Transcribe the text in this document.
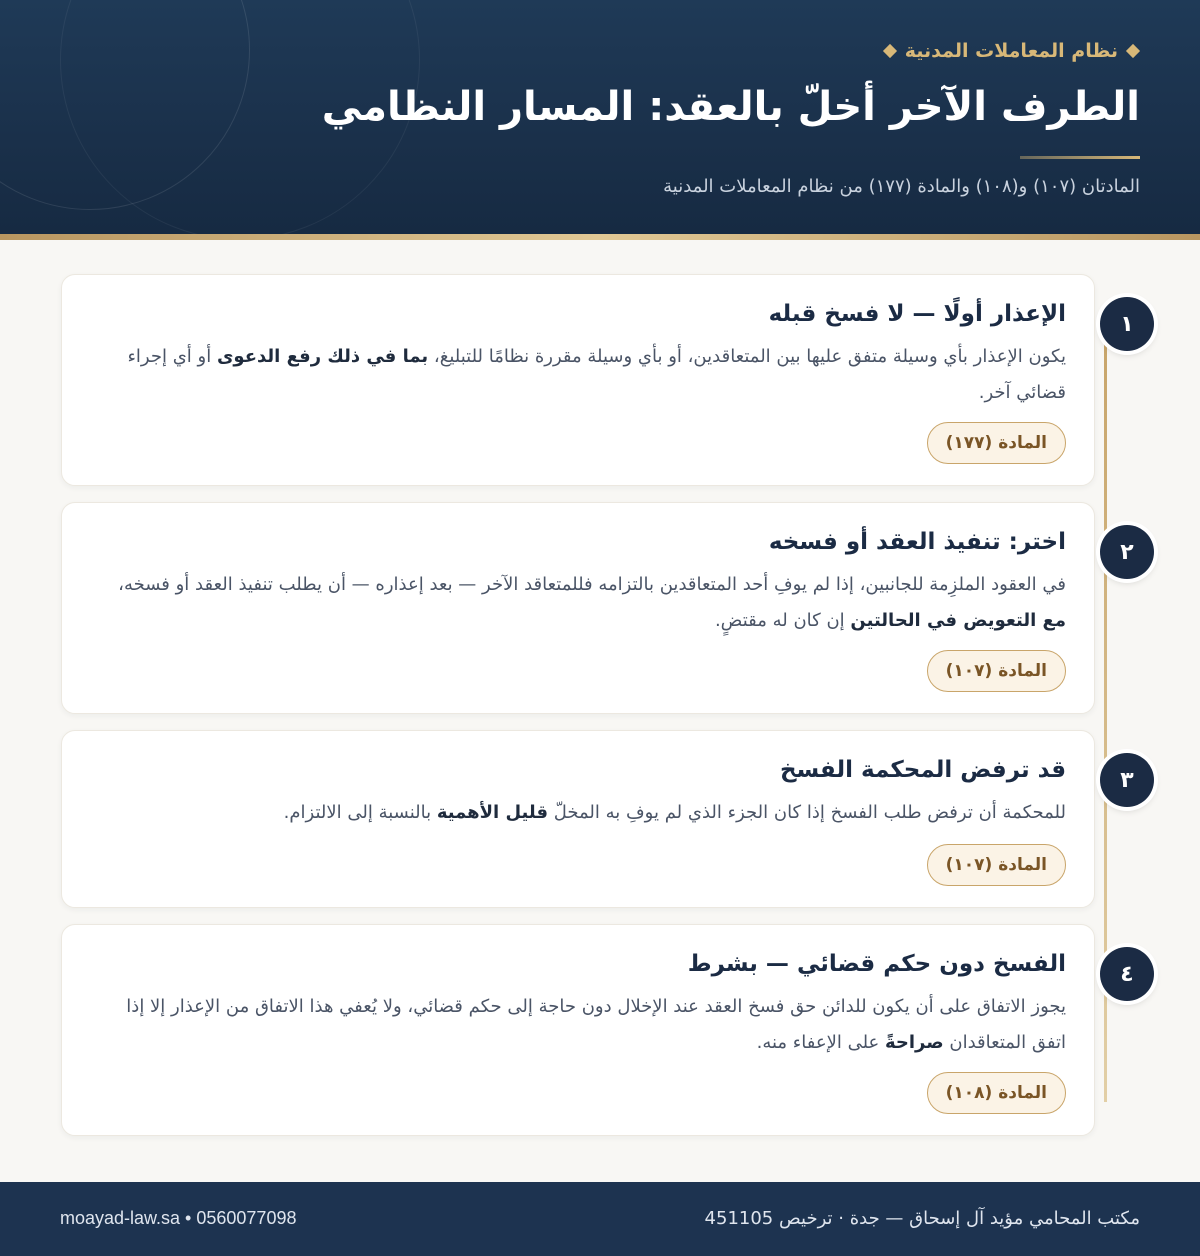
نظام المعاملات المدنية
الطرف الآخر أخلّ بالعقد: المسار النظامي
المادتان (١٠٧) و(١٠٨) والمادة (١٧٧) من نظام المعاملات المدنية
الإعذار أولًا — لا فسخ قبله
يكون الإعذار بأي وسيلة متفق عليها بين المتعاقدين، أو بأي وسيلة مقررة نظامًا للتبليغ، بما في ذلك رفع الدعوى أو أي إجراء قضائي آخر.
المادة (١٧٧)
١
اختر: تنفيذ العقد أو فسخه
في العقود الملزِمة للجانبين، إذا لم يوفِ أحد المتعاقدين بالتزامه فللمتعاقد الآخر — بعد إعذاره — أن يطلب تنفيذ العقد أو فسخه، مع التعويض في الحالتين إن كان له مقتضٍ.
المادة (١٠٧)
٢
قد ترفض المحكمة الفسخ
للمحكمة أن ترفض طلب الفسخ إذا كان الجزء الذي لم يوفِ به المخلّ قليل الأهمية بالنسبة إلى الالتزام.
المادة (١٠٧)
٣
الفسخ دون حكم قضائي — بشرط
يجوز الاتفاق على أن يكون للدائن حق فسخ العقد عند الإخلال دون حاجة إلى حكم قضائي، ولا يُعفي هذا الاتفاق من الإعذار إلا إذا اتفق المتعاقدان صراحةً على الإعفاء منه.
المادة (١٠٨)
٤
مكتب المحامي مؤيد آل إسحاق — جدة · ترخيص 451105
moayad-law.sa • 0560077098
